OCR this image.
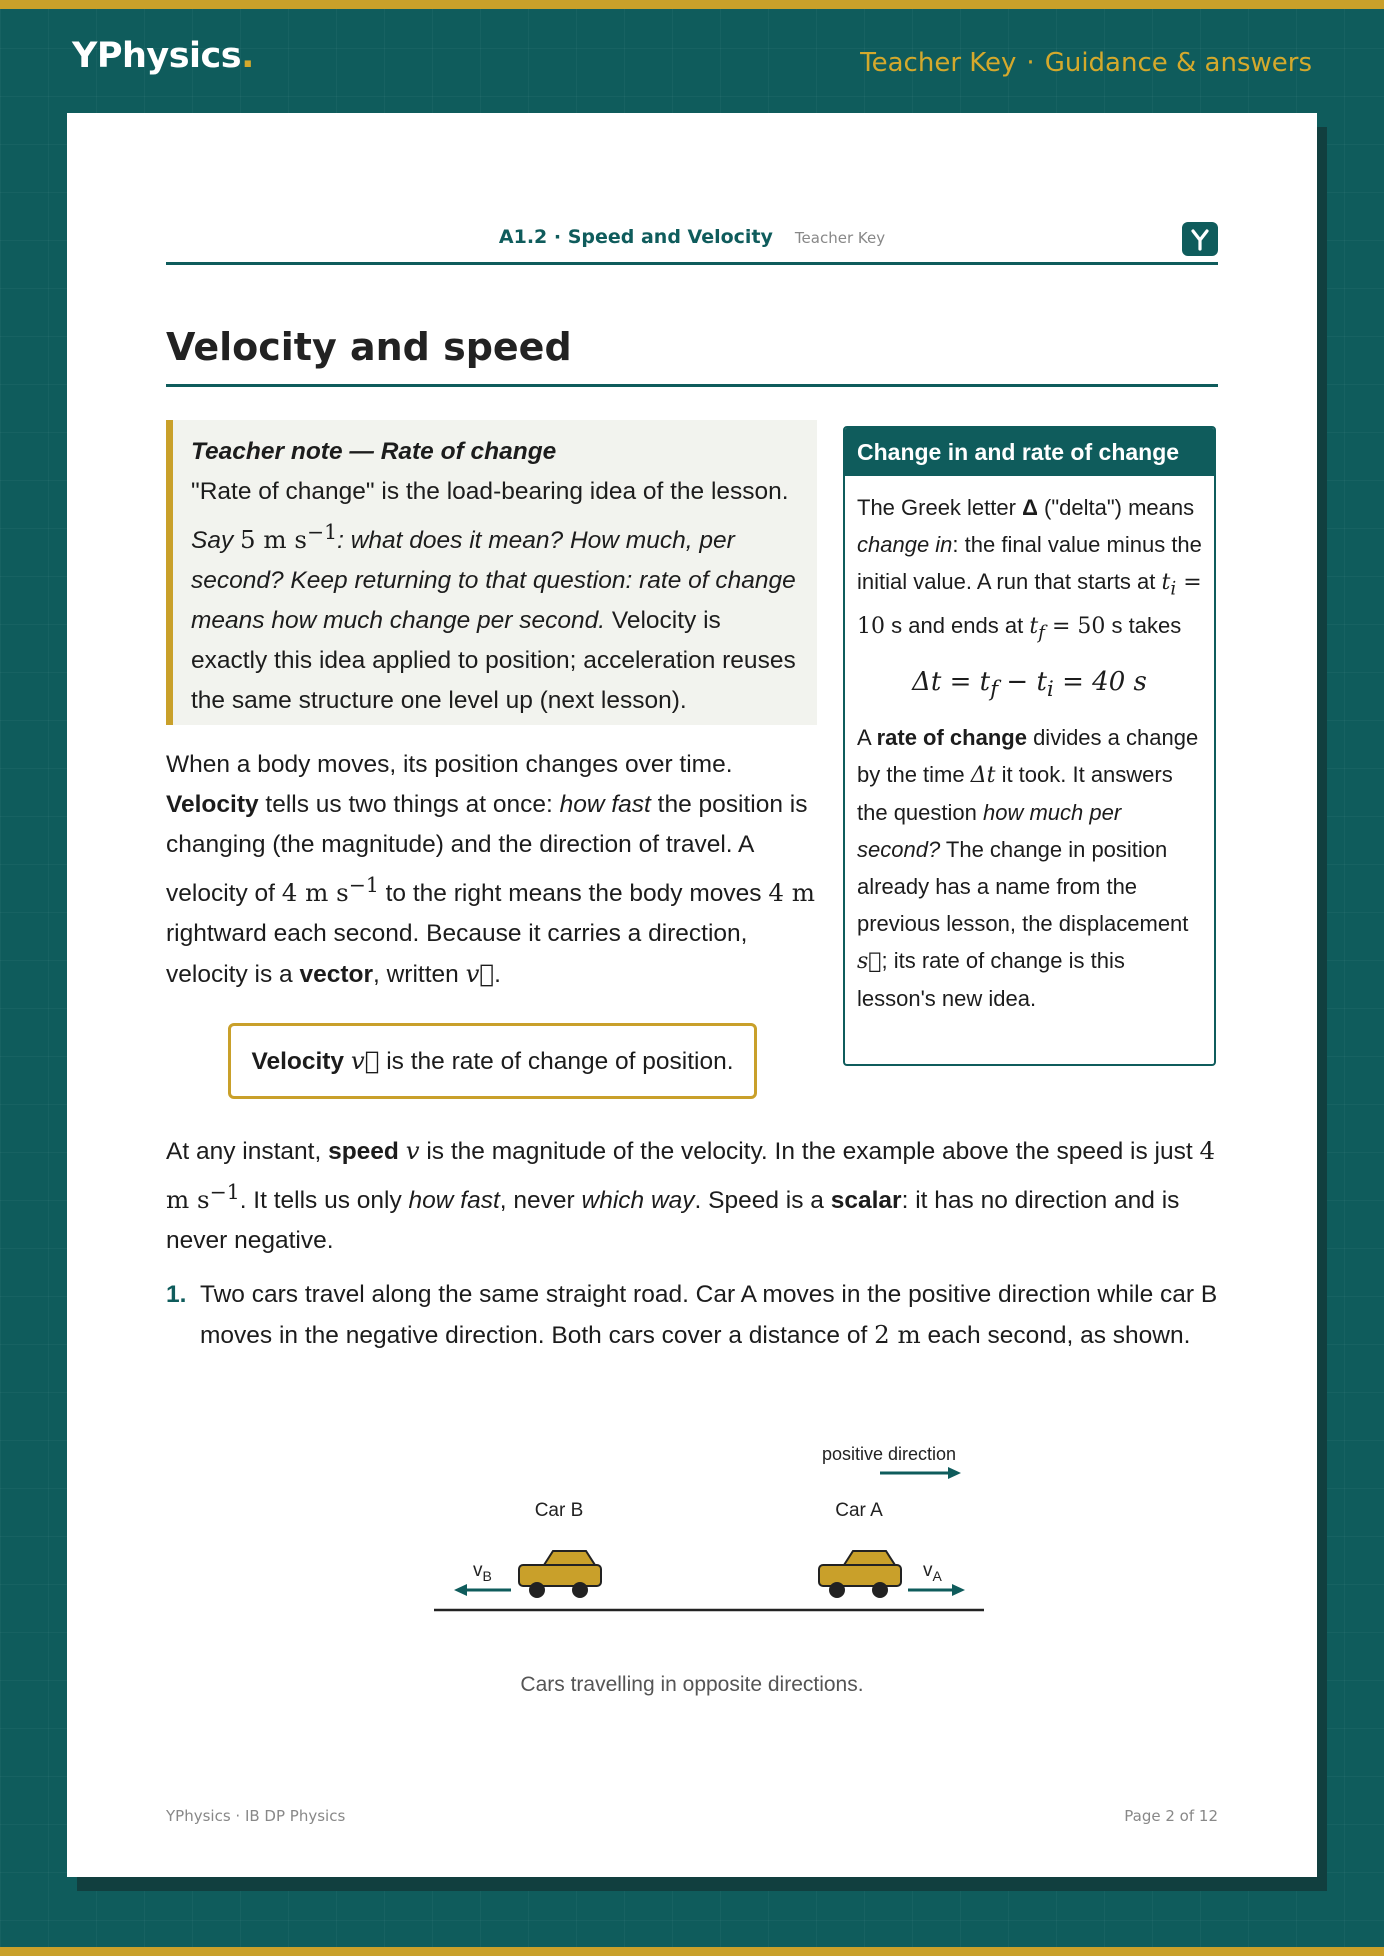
YPhysics.	Teacher Key · Guidance & answers
A1.2 · Speed and Velocity Teacher Key
Velocity and speed
Teacher note — Rate of change
"Rate of change" is the load-bearing idea of the lesson. Say 5 m $s^{-1}$: what does it mean? How much, per second? Keep returning to that question: rate of change means how much change per second. Velocity is exactly this idea applied to position; acceleration reuses the same structure one level up (next lesson).
Change in and rate of change

The Greek letter Δ ("delta") means change in: the final value minus the initial value. A run that starts at $t_i = 10$ s and ends at $t_f = 50$ s takes

$\Delta t = t_f - t_i = 40$ s

A rate of change divides a change by the time Δt it took. It answers the question how much per second? The change in position already has a name from the previous lesson, the displacement s⃗; its rate of change is this lesson's new idea.

When a body moves, its position changes over time. Velocity tells us two things at once: how fast the position is changing (the magnitude) and the direction of travel. A velocity of 4 m $s^{-1}$ to the right means the body moves 4 m rightward each second. Because it carries a direction, velocity is a vector, written v⃗.

Velocity v⃗ is the rate of change of position.

At any instant, speed v is the magnitude of the velocity. In the example above the speed is just 4 m $s^{-1}$. It tells us only how fast, never which way. Speed is a scalar: it has no direction and is never negative.

1. Two cars travel along the same straight road. Car A moves in the positive direction while car B moves in the negative direction. Both cars cover a distance of 2 m each second, as shown.

positive direction
Car B	Car A
$v_B$	$v_A$
Cars travelling in opposite directions.
YPhysics · IB DP Physics	Page 2 of 12
